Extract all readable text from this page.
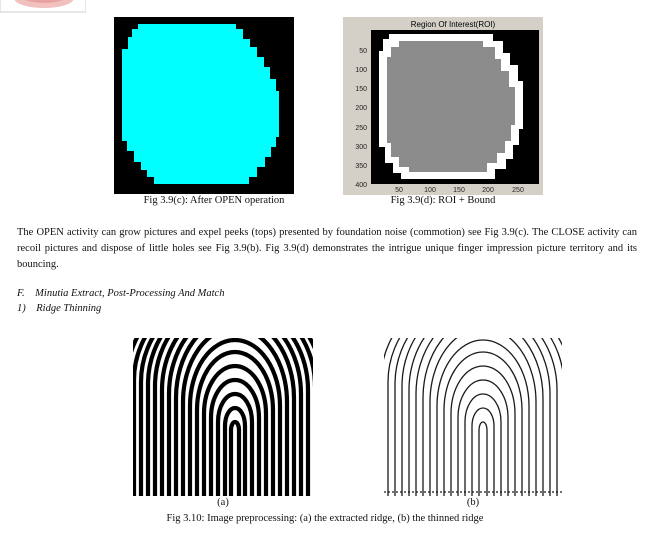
Fig 3.9(c): After OPEN operation
Region Of Interest(ROI)
50
100
150
200
250
300
350
400
50	100 150 200	250
Fig 3.9(d): ROI + Bound
The OPEN activity can grow pictures and expel peeks (tops) presented by foundation noise (commotion) see Fig 3.9(c). The CLOSE activity can recoil pictures and dispose of little holes see Fig 3.9(b). Fig 3.9(d) demonstrates the intrigue unique finger impression picture territory and its bouncing.
F.    Minutia Extract, Post-Processing And Match
1)    Ridge Thinning
(a)	(b)
Fig 3.10: Image preprocessing: (a) the extracted ridge, (b) the thinned ridge
